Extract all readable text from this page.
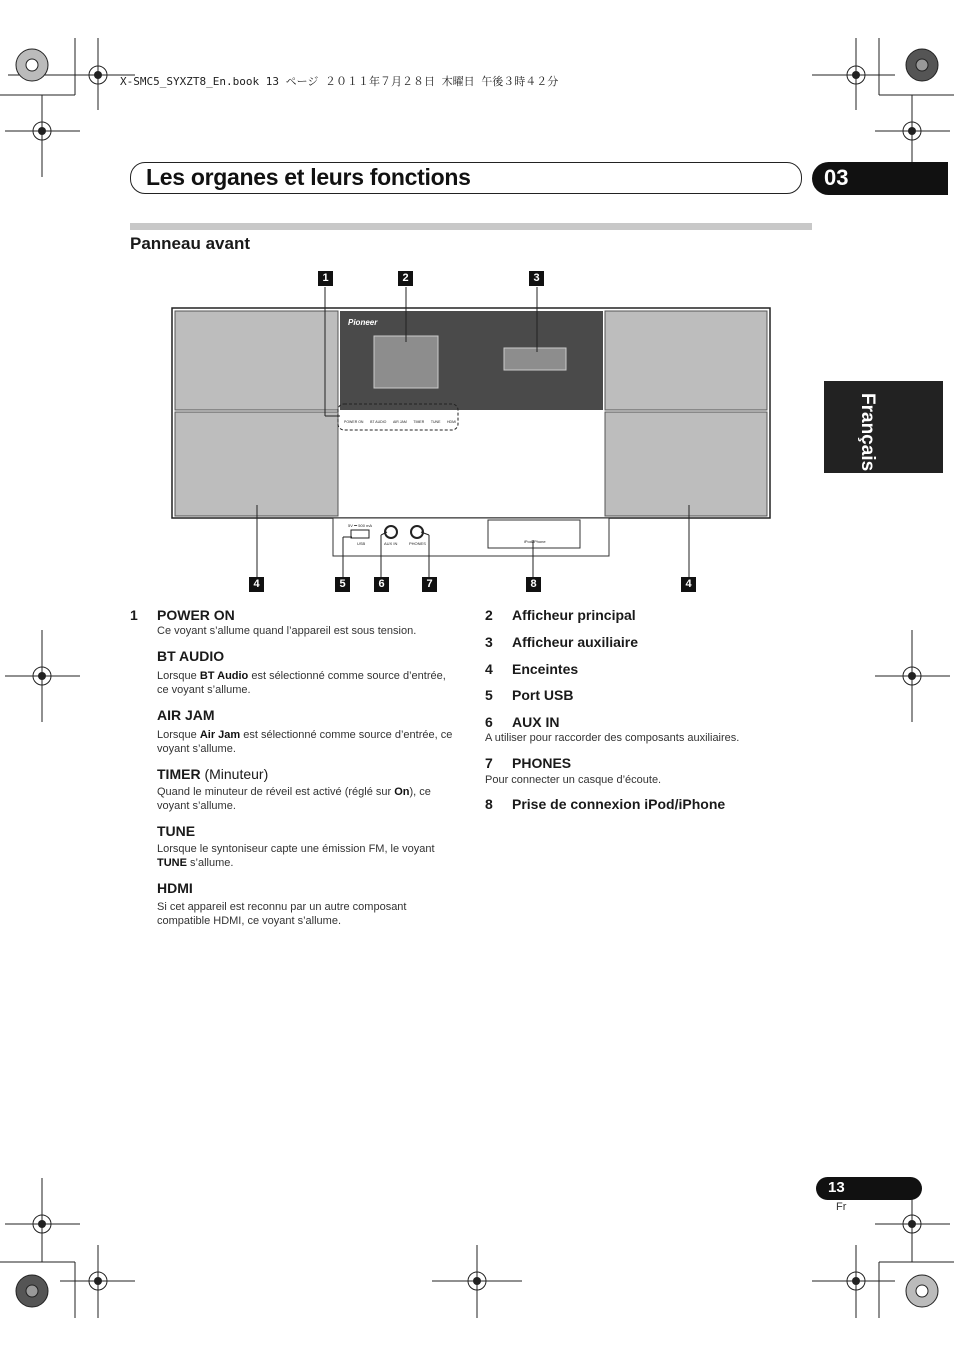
X-SMC5_SYXZT8_En.book 13 ページ ２０１１年７月２８日 木曜日 午後３時４２分
Les organes et leurs fonctions	03
Panneau avant
Français
Pioneer
POWER ON BT AUDIO AIR JAM TIMER TUNE HDMI
5V ⎓ 500 mA
USB	AUX IN	PHONES	iPod/iPhone
1	2	3
4	5	6	7	8	4
1 POWER ON
Ce voyant s’allume quand l’appareil est sous tension.
BT AUDIO
Lorsque BT Audio est sélectionné comme source d’entrée, ce voyant s’allume.
AIR JAM
Lorsque Air Jam est sélectionné comme source d’entrée, ce voyant s’allume.
TIMER (Minuteur)
Quand le minuteur de réveil est activé (réglé sur On), ce voyant s’allume.
TUNE
Lorsque le syntoniseur capte une émission FM, le voyant TUNE s’allume.
HDMI
Si cet appareil est reconnu par un autre composant compatible HDMI, ce voyant s’allume.
2 Afficheur principal
3 Afficheur auxiliaire
4 Enceintes
5 Port USB
6 AUX IN
A utiliser pour raccorder des composants auxiliaires.
7 PHONES
Pour connecter un casque d’écoute.
8 Prise de connexion iPod/iPhone
13
Fr
